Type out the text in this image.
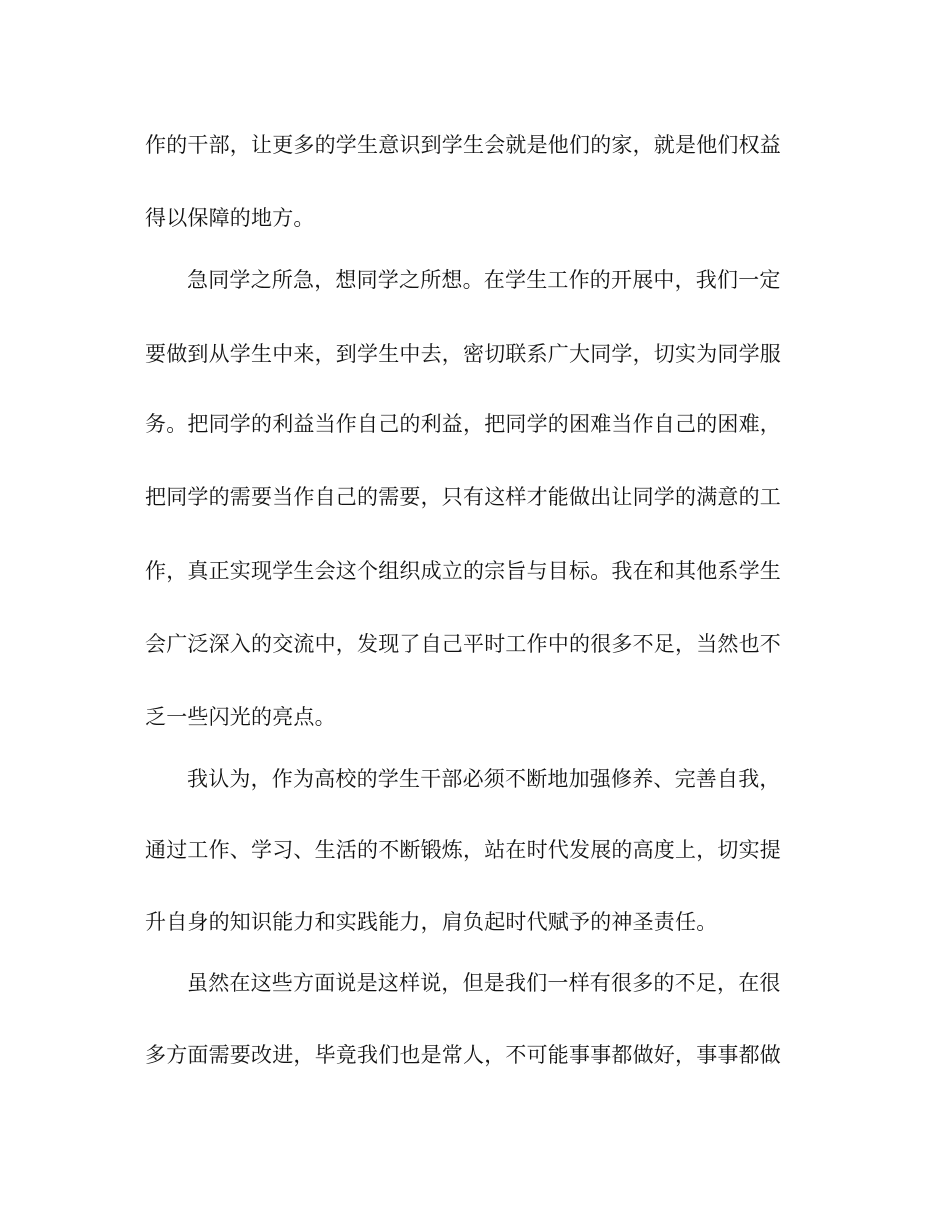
作的干部，让更多的学生意识到学生会就是他们的家，就是他们权益
得以保障的地方。
急同学之所急，想同学之所想。在学生工作的开展中，我们一定
要做到从学生中来，到学生中去，密切联系广大同学，切实为同学服
务。把同学的利益当作自己的利益，把同学的困难当作自己的困难，
把同学的需要当作自己的需要，只有这样才能做出让同学的满意的工
作，真正实现学生会这个组织成立的宗旨与目标。我在和其他系学生
会广泛深入的交流中，发现了自己平时工作中的很多不足，当然也不
乏一些闪光的亮点。
我认为，作为高校的学生干部必须不断地加强修养、完善自我，
通过工作、学习、生活的不断锻炼，站在时代发展的高度上，切实提
升自身的知识能力和实践能力，肩负起时代赋予的神圣责任。
虽然在这些方面说是这样说，但是我们一样有很多的不足，在很
多方面需要改进，毕竟我们也是常人，不可能事事都做好，事事都做
